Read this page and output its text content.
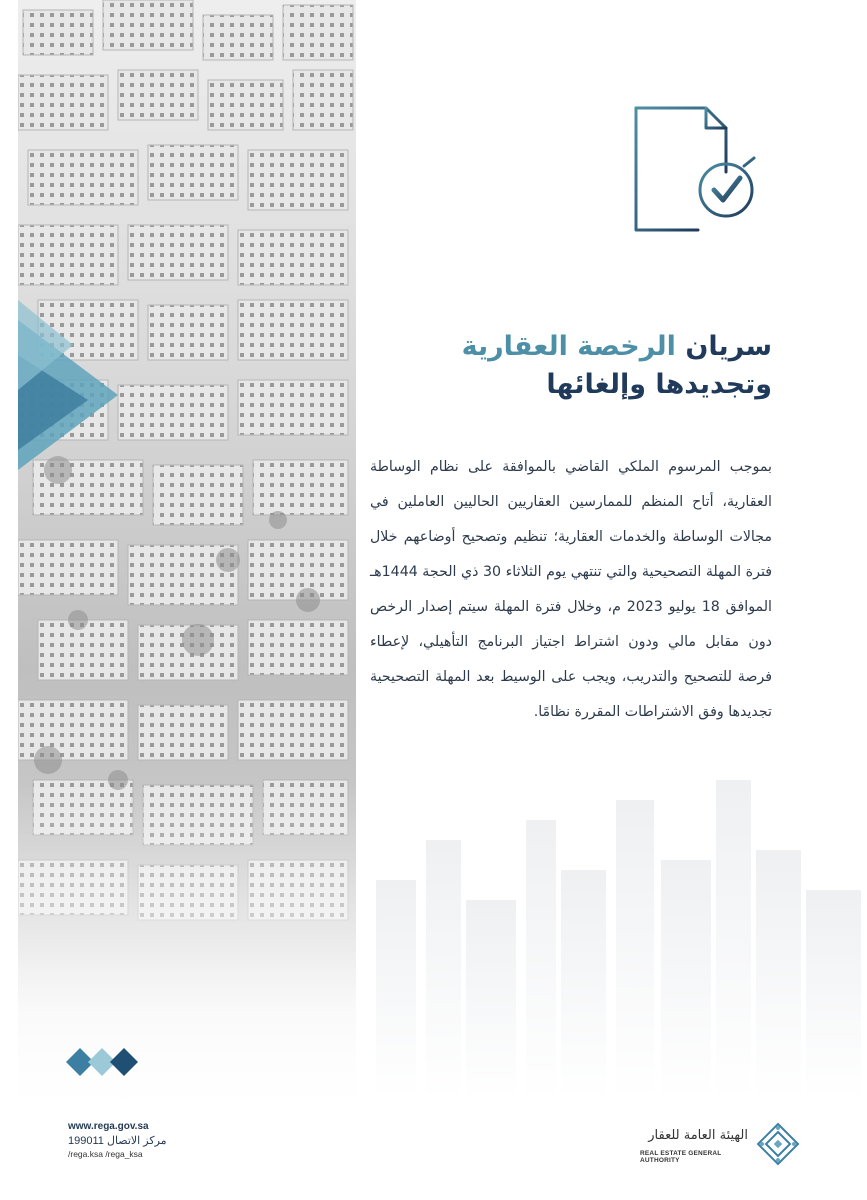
سريان الرخصة العقارية
وتجديدها وإلغائها
بموجب المرسوم الملكي القاضي بالموافقة على نظام الوساطة العقارية، أتاح المنظم للممارسين العقاريين الحاليين العاملين في مجالات الوساطة والخدمات العقارية؛ تنظيم وتصحيح أوضاعهم خلال فترة المهلة التصحيحية والتي تنتهي يوم الثلاثاء 30 ذي الحجة 1444هـ الموافق 18 يوليو 2023 م، وخلال فترة المهلة سيتم إصدار الرخص دون مقابل مالي ودون اشتراط اجتياز البرنامج التأهيلي، لإعطاء فرصة للتصحيح والتدريب، ويجب على الوسيط بعد المهلة التصحيحية تجديدها وفق الاشتراطات المقررة نظامًا.
www.rega.gov.sa
مركز الاتصال 199011
/rega.ksa /rega_ksa
الهيئة العامة للعقار
REAL ESTATE GENERAL AUTHORITY
